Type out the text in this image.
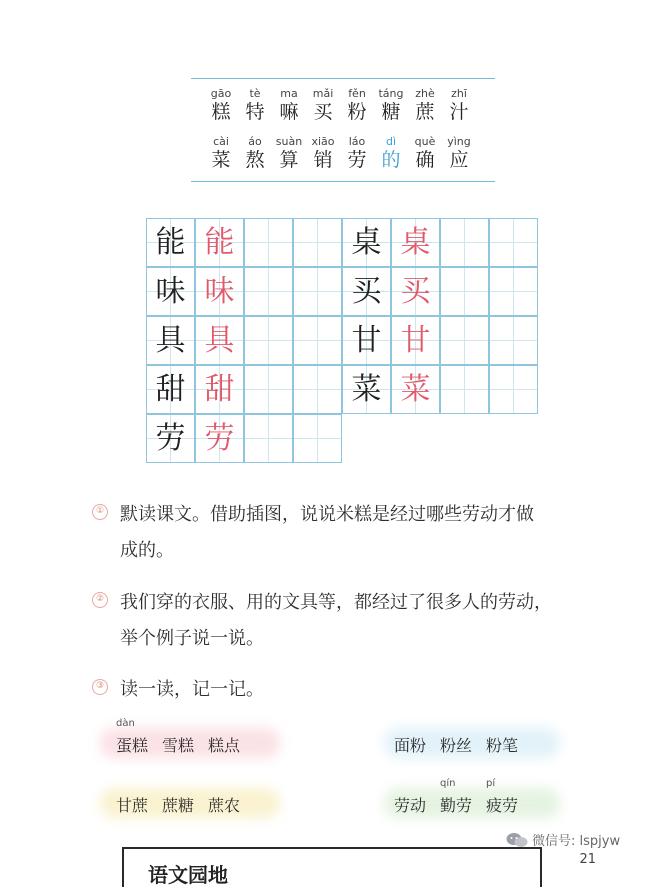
gāo
糕
tè
特
ma
嘛
mǎi
买
fěn
粉
táng
糖
zhè
蔗
zhī
汁
cài
菜
áo
熬
suàn
算
xiāo
销
láo
劳
dì
的
què
确
yìng
应
能 能
味 味
具 具
甜 甜
劳 劳
桌 桌
买 买
甘 甘
菜 菜
① 默读课文。借助插图，说说米糕是经过哪些劳动才做
成的。
② 我们穿的衣服、用的文具等，都经过了很多人的劳动，
举个例子说一说。
③ 读一读，记一记。
dàn
蛋糕 雪糕 糕点	面粉 粉丝 粉笔
甘蔗 蔗糖 蔗农	劳动
qín
勤劳
pí
疲劳
微信号: lspjyw
语文园地
21
